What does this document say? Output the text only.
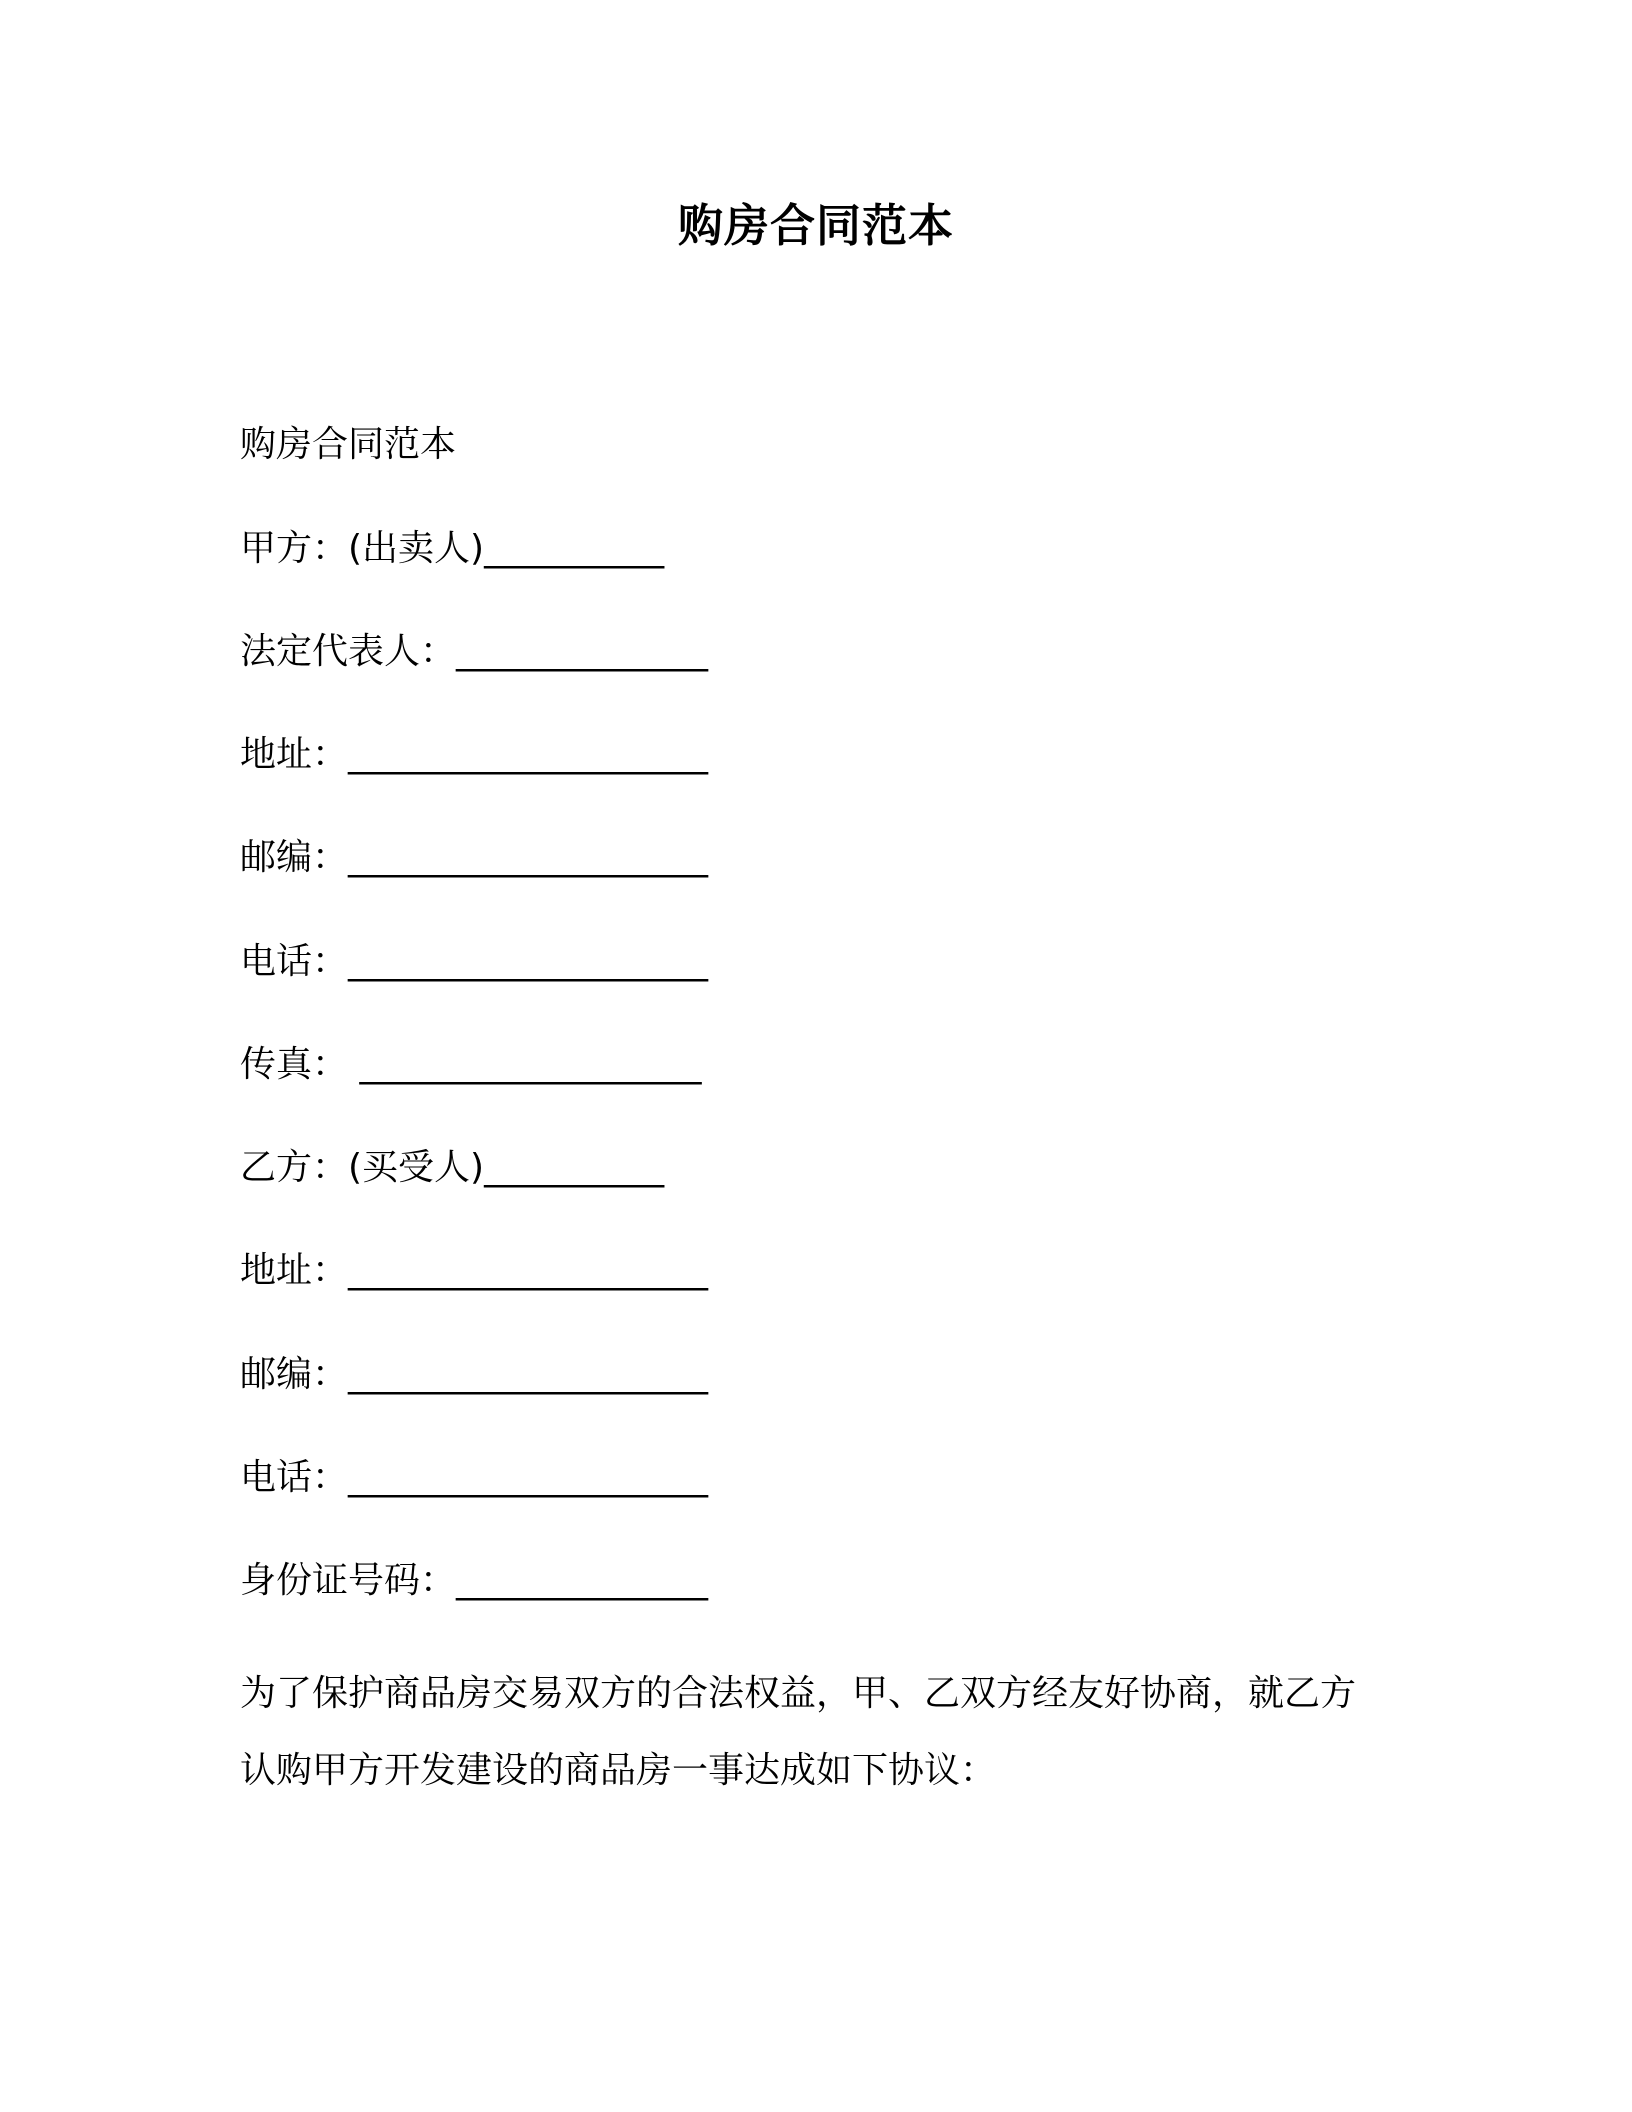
购房合同范本
购房合同范本
甲方：(出卖人)__________
法定代表人：______________
地址：____________________
邮编：____________________
电话：____________________
传真： ___________________
乙方：(买受人)__________
地址：____________________
邮编：____________________
电话：____________________
身份证号码：______________
为了保护商品房交易双方的合法权益，甲、乙双方经友好协商，就乙方认购甲方开发建设的商品房一事达成如下协议：
